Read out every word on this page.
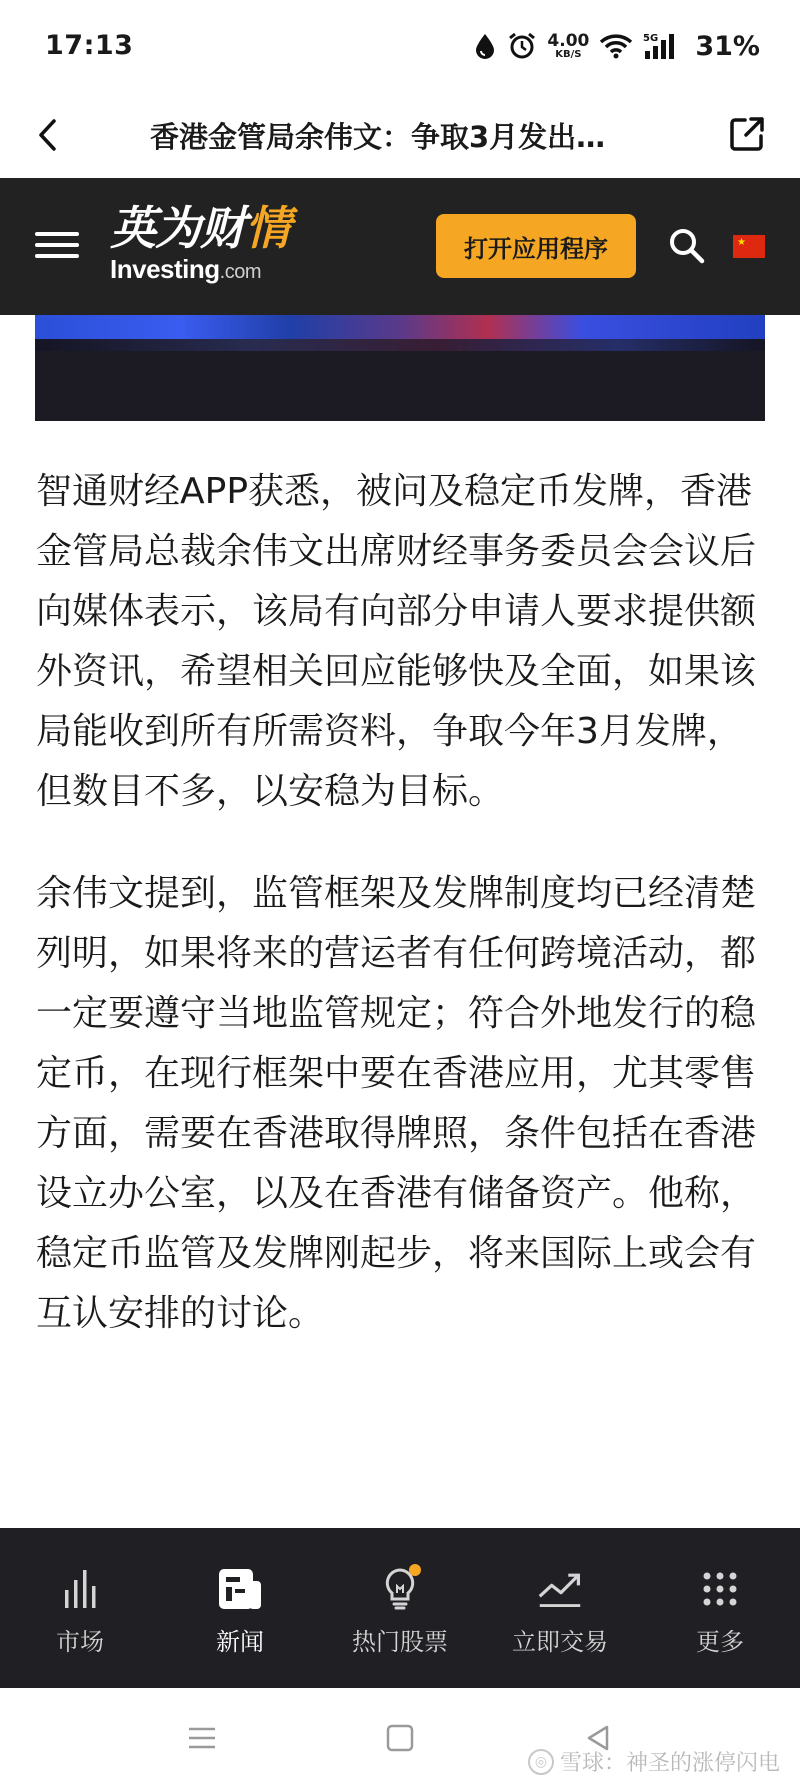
17:13	4.00
KB/S
5G 31%
香港金管局余伟文：争取3月发出…
英为财情
Investing.com
打开应用程序	★

智通财经APP获悉，被问及稳定币发牌，香港金管局总裁余伟文出席财经事务委员会会议后向媒体表示，该局有向部分申请人要求提供额外资讯，希望相关回应能够快及全面，如果该局能收到所有所需资料，争取今年3月发牌，但数目不多，以安稳为目标。

余伟文提到，监管框架及发牌制度均已经清楚列明，如果将来的营运者有任何跨境活动，都一定要遵守当地监管规定；符合外地发行的稳定币，在现行框架中要在香港应用，尤其零售方面，需要在香港取得牌照，条件包括在香港设立办公室，以及在香港有储备资产。他称，稳定币监管及发牌刚起步，将来国际上或会有互认安排的讨论。

市场	新闻	热门股票	立即交易	更多
◎ 雪球：神圣的涨停闪电
